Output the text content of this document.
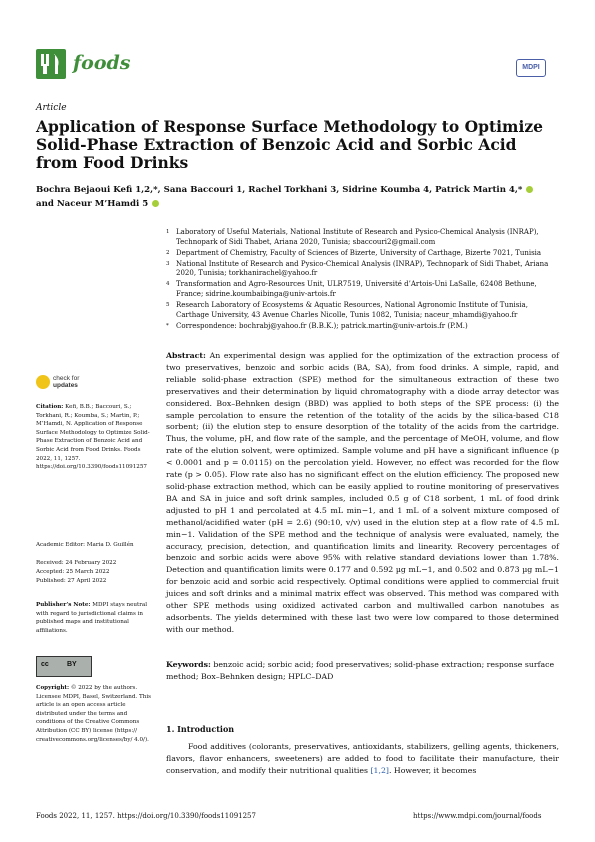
foods	MDPI
Article
Application of Response Surface Methodology to Optimize Solid-Phase Extraction of Benzoic Acid and Sorbic Acid from Food Drinks
Bochra Bejaoui Kefi 1,2,*, Sana Baccouri 1, Rachel Torkhani 3, Sidrine Koumba 4, Patrick Martin 4,*
and Naceur M’Hamdi 5
1 Laboratory of Useful Materials, National Institute of Research and Pysico-Chemical Analysis (INRAP), Technopark of Sidi Thabet, Ariana 2020, Tunisia; sbaccouri2@gmail.com
2 Department of Chemistry, Faculty of Sciences of Bizerte, University of Carthage, Bizerte 7021, Tunisia
3 National Institute of Research and Pysico-Chemical Analysis (INRAP), Technopark of Sidi Thabet, Ariana 2020, Tunisia; torkhanirachel@yahoo.fr
4 Transformation and Agro-Resources Unit, ULR7519, Université d’Artois-Uni LaSalle, 62408 Bethune, France; sidrine.koumbaibinga@univ-artois.fr
5 Research Laboratory of Ecosystems & Aquatic Resources, National Agronomic Institute of Tunisia, Carthage University, 43 Avenue Charles Nicolle, Tunis 1082, Tunisia; naceur_mhamdi@yahoo.fr
*	Correspondence: bochrabj@yahoo.fr (B.B.K.); patrick.martin@univ-artois.fr (P.M.)
Abstract: An experimental design was applied for the optimization of the extraction process of two preservatives, benzoic and sorbic acids (BA, SA), from food drinks. A simple, rapid, and reliable solid-phase extraction (SPE) method for the simultaneous extraction of these two preservatives and their determination by liquid chromatography with a diode array detector was considered. Box–Behnken design (BBD) was applied to both steps of the SPE process: (i) the sample percolation to ensure the retention of the totality of the acids by the silica-based C18 sorbent; (ii) the elution step to ensure desorption of the totality of the acids from the cartridge. Thus, the volume, pH, and flow rate of the sample, and the percentage of MeOH, volume, and flow rate of the elution solvent, were optimized. Sample volume and pH have a significant influence (p < 0.0001 and p = 0.0115) on the percolation yield. However, no effect was recorded for the flow rate (p > 0.05). Flow rate also has no significant effect on the elution efficiency. The proposed new solid-phase extraction method, which can be easily applied to routine monitoring of preservatives BA and SA in juice and soft drink samples, included 0.5 g of C18 sorbent, 1 mL of food drink adjusted to pH 1 and percolated at 4.5 mL min−1, and 1 mL of a solvent mixture composed of methanol/acidified water (pH = 2.6) (90:10, v/v) used in the elution step at a flow rate of 4.5 mL min−1. Validation of the SPE method and the technique of analysis were evaluated, namely, the accuracy, precision, detection, and quantification limits and linearity. Recovery percentages of benzoic and sorbic acids were above 95% with relative standard deviations lower than 1.78%. Detection and quantification limits were 0.177 and 0.592 µg mL−1, and 0.502 and 0.873 µg mL−1 for benzoic acid and sorbic acid respectively. Optimal conditions were applied to commercial fruit juices and soft drinks and a minimal matrix effect was observed. This method was compared with other SPE methods using oxidized activated carbon and multiwalled carbon nanotubes as adsorbents. The yields determined with these last two were low compared to those determined with our method.
Keywords: benzoic acid; sorbic acid; food preservatives; solid-phase extraction; response surface method; Box–Behnken design; HPLC–DAD
1. Introduction
Food additives (colorants, preservatives, antioxidants, stabilizers, gelling agents, thickeners, flavors, flavor enhancers, sweeteners) are added to food to facilitate their manufacture, their conservation, and modify their nutritional qualities [1,2]. However, it becomes
check for
updates
Citation: Kefi, B.B.; Baccouri, S.; Torkhani, R.; Koumba, S.; Martin, P.; M’Hamdi, N. Application of Response Surface Methodology to Optimize Solid-Phase Extraction of Benzoic Acid and Sorbic Acid from Food Drinks. Foods 2022, 11, 1257. https://doi.org/10.3390/foods11091257
Academic Editor: Maria D. Guillén
Received: 24 February 2022
Accepted: 25 March 2022
Published: 27 April 2022
Publisher’s Note: MDPI stays neutral with regard to jurisdictional claims in published maps and institutional affiliations.
cc	BY
Copyright: © 2022 by the authors. Licensee MDPI, Basel, Switzerland. This article is an open access article distributed under the terms and conditions of the Creative Commons Attribution (CC BY) license (https:// creativecommons.org/licenses/by/ 4.0/).
Foods 2022, 11, 1257. https://doi.org/10.3390/foods11091257	https://www.mdpi.com/journal/foods
